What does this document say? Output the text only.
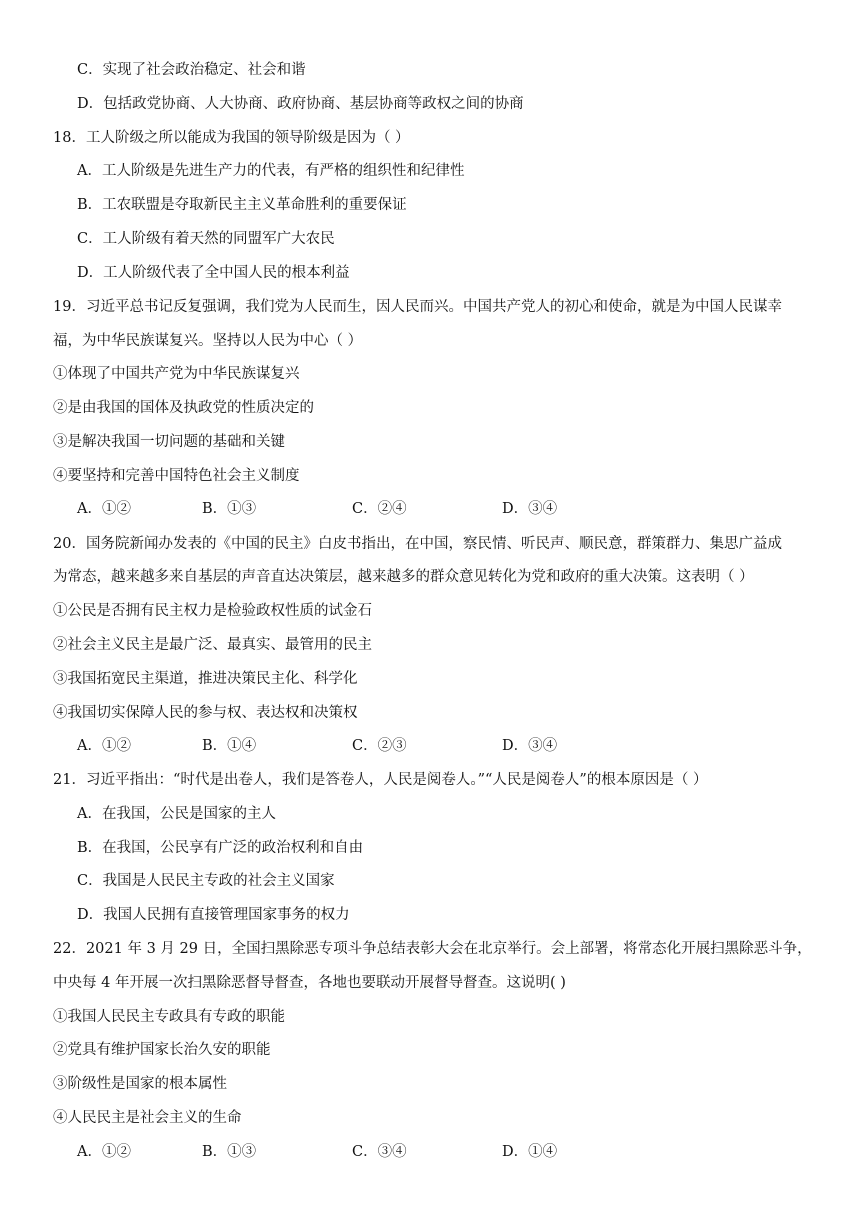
C．实现了社会政治稳定、社会和谐
D．包括政党协商、人大协商、政府协商、基层协商等政权之间的协商
18．工人阶级之所以能成为我国的领导阶级是因为（ ）
A．工人阶级是先进生产力的代表，有严格的组织性和纪律性
B．工农联盟是夺取新民主主义革命胜利的重要保证
C．工人阶级有着天然的同盟军广大农民
D．工人阶级代表了全中国人民的根本利益
19．习近平总书记反复强调，我们党为人民而生，因人民而兴。中国共产党人的初心和使命，就是为中国人民谋幸
福，为中华民族谋复兴。坚持以人民为中心（ ）
①体现了中国共产党为中华民族谋复兴
②是由我国的国体及执政党的性质决定的
③是解决我国一切问题的基础和关键
④要坚持和完善中国特色社会主义制度
A．①②	B．①③	C．②④	D．③④
20．国务院新闻办发表的《中国的民主》白皮书指出，在中国，察民情、听民声、顺民意，群策群力、集思广益成
为常态，越来越多来自基层的声音直达决策层，越来越多的群众意见转化为党和政府的重大决策。这表明（ ）
①公民是否拥有民主权力是检验政权性质的试金石
②社会主义民主是最广泛、最真实、最管用的民主
③我国拓宽民主渠道，推进决策民主化、科学化
④我国切实保障人民的参与权、表达权和决策权
A．①②	B．①④	C．②③	D．③④
21．习近平指出：“时代是出卷人，我们是答卷人，人民是阅卷人。”“人民是阅卷人”的根本原因是（ ）
A．在我国，公民是国家的主人
B．在我国，公民享有广泛的政治权利和自由
C．我国是人民民主专政的社会主义国家
D．我国人民拥有直接管理国家事务的权力
22．2021 年 3 月 29 日，全国扫黑除恶专项斗争总结表彰大会在北京举行。会上部署，将常态化开展扫黑除恶斗争，
中央每 4 年开展一次扫黑除恶督导督查，各地也要联动开展督导督查。这说明( )
①我国人民民主专政具有专政的职能
②党具有维护国家长治久安的职能
③阶级性是国家的根本属性
④人民民主是社会主义的生命
A．①②	B．①③	C．③④	D．①④
